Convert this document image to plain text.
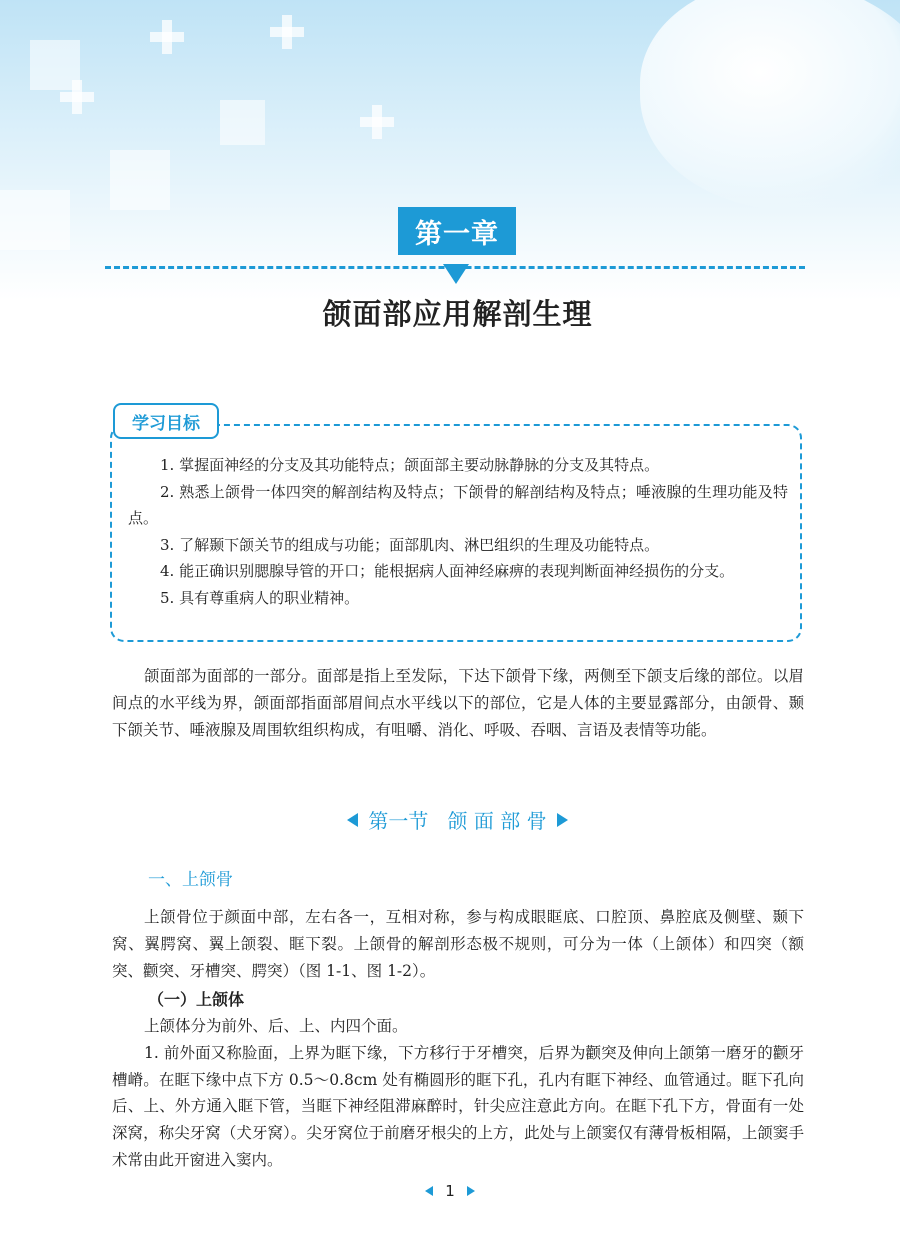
第一章
颌面部应用解剖生理
学习目标

1. 掌握面神经的分支及其功能特点；颌面部主要动脉静脉的分支及其特点。

2. 熟悉上颌骨一体四突的解剖结构及特点；下颌骨的解剖结构及特点；唾液腺的生理功能及特点。

3. 了解颞下颌关节的组成与功能；面部肌肉、淋巴组织的生理及功能特点。

4. 能正确识别腮腺导管的开口；能根据病人面神经麻痹的表现判断面神经损伤的分支。

5. 具有尊重病人的职业精神。

颌面部为面部的一部分。面部是指上至发际，下达下颌骨下缘，两侧至下颌支后缘的部位。以眉间点的水平线为界，颌面部指面部眉间点水平线以下的部位，它是人体的主要显露部分，由颌骨、颞下颌关节、唾液腺及周围软组织构成，有咀嚼、消化、呼吸、吞咽、言语及表情等功能。

第一节   颌 面 部 骨
一、上颌骨

上颌骨位于颜面中部，左右各一，互相对称，参与构成眼眶底、口腔顶、鼻腔底及侧壁、颞下窝、翼腭窝、翼上颌裂、眶下裂。上颌骨的解剖形态极不规则，可分为一体（上颌体）和四突（额突、颧突、牙槽突、腭突）（图 1-1、图 1-2）。

（一）上颌体

上颌体分为前外、后、上、内四个面。

1. 前外面又称脸面，上界为眶下缘，下方移行于牙槽突，后界为颧突及伸向上颌第一磨牙的颧牙槽嵴。在眶下缘中点下方 0.5～0.8cm 处有椭圆形的眶下孔，孔内有眶下神经、血管通过。眶下孔向后、上、外方通入眶下管，当眶下神经阻滞麻醉时，针尖应注意此方向。在眶下孔下方，骨面有一处深窝，称尖牙窝（犬牙窝）。尖牙窝位于前磨牙根尖的上方，此处与上颌窦仅有薄骨板相隔，上颌窦手术常由此开窗进入窦内。

1
